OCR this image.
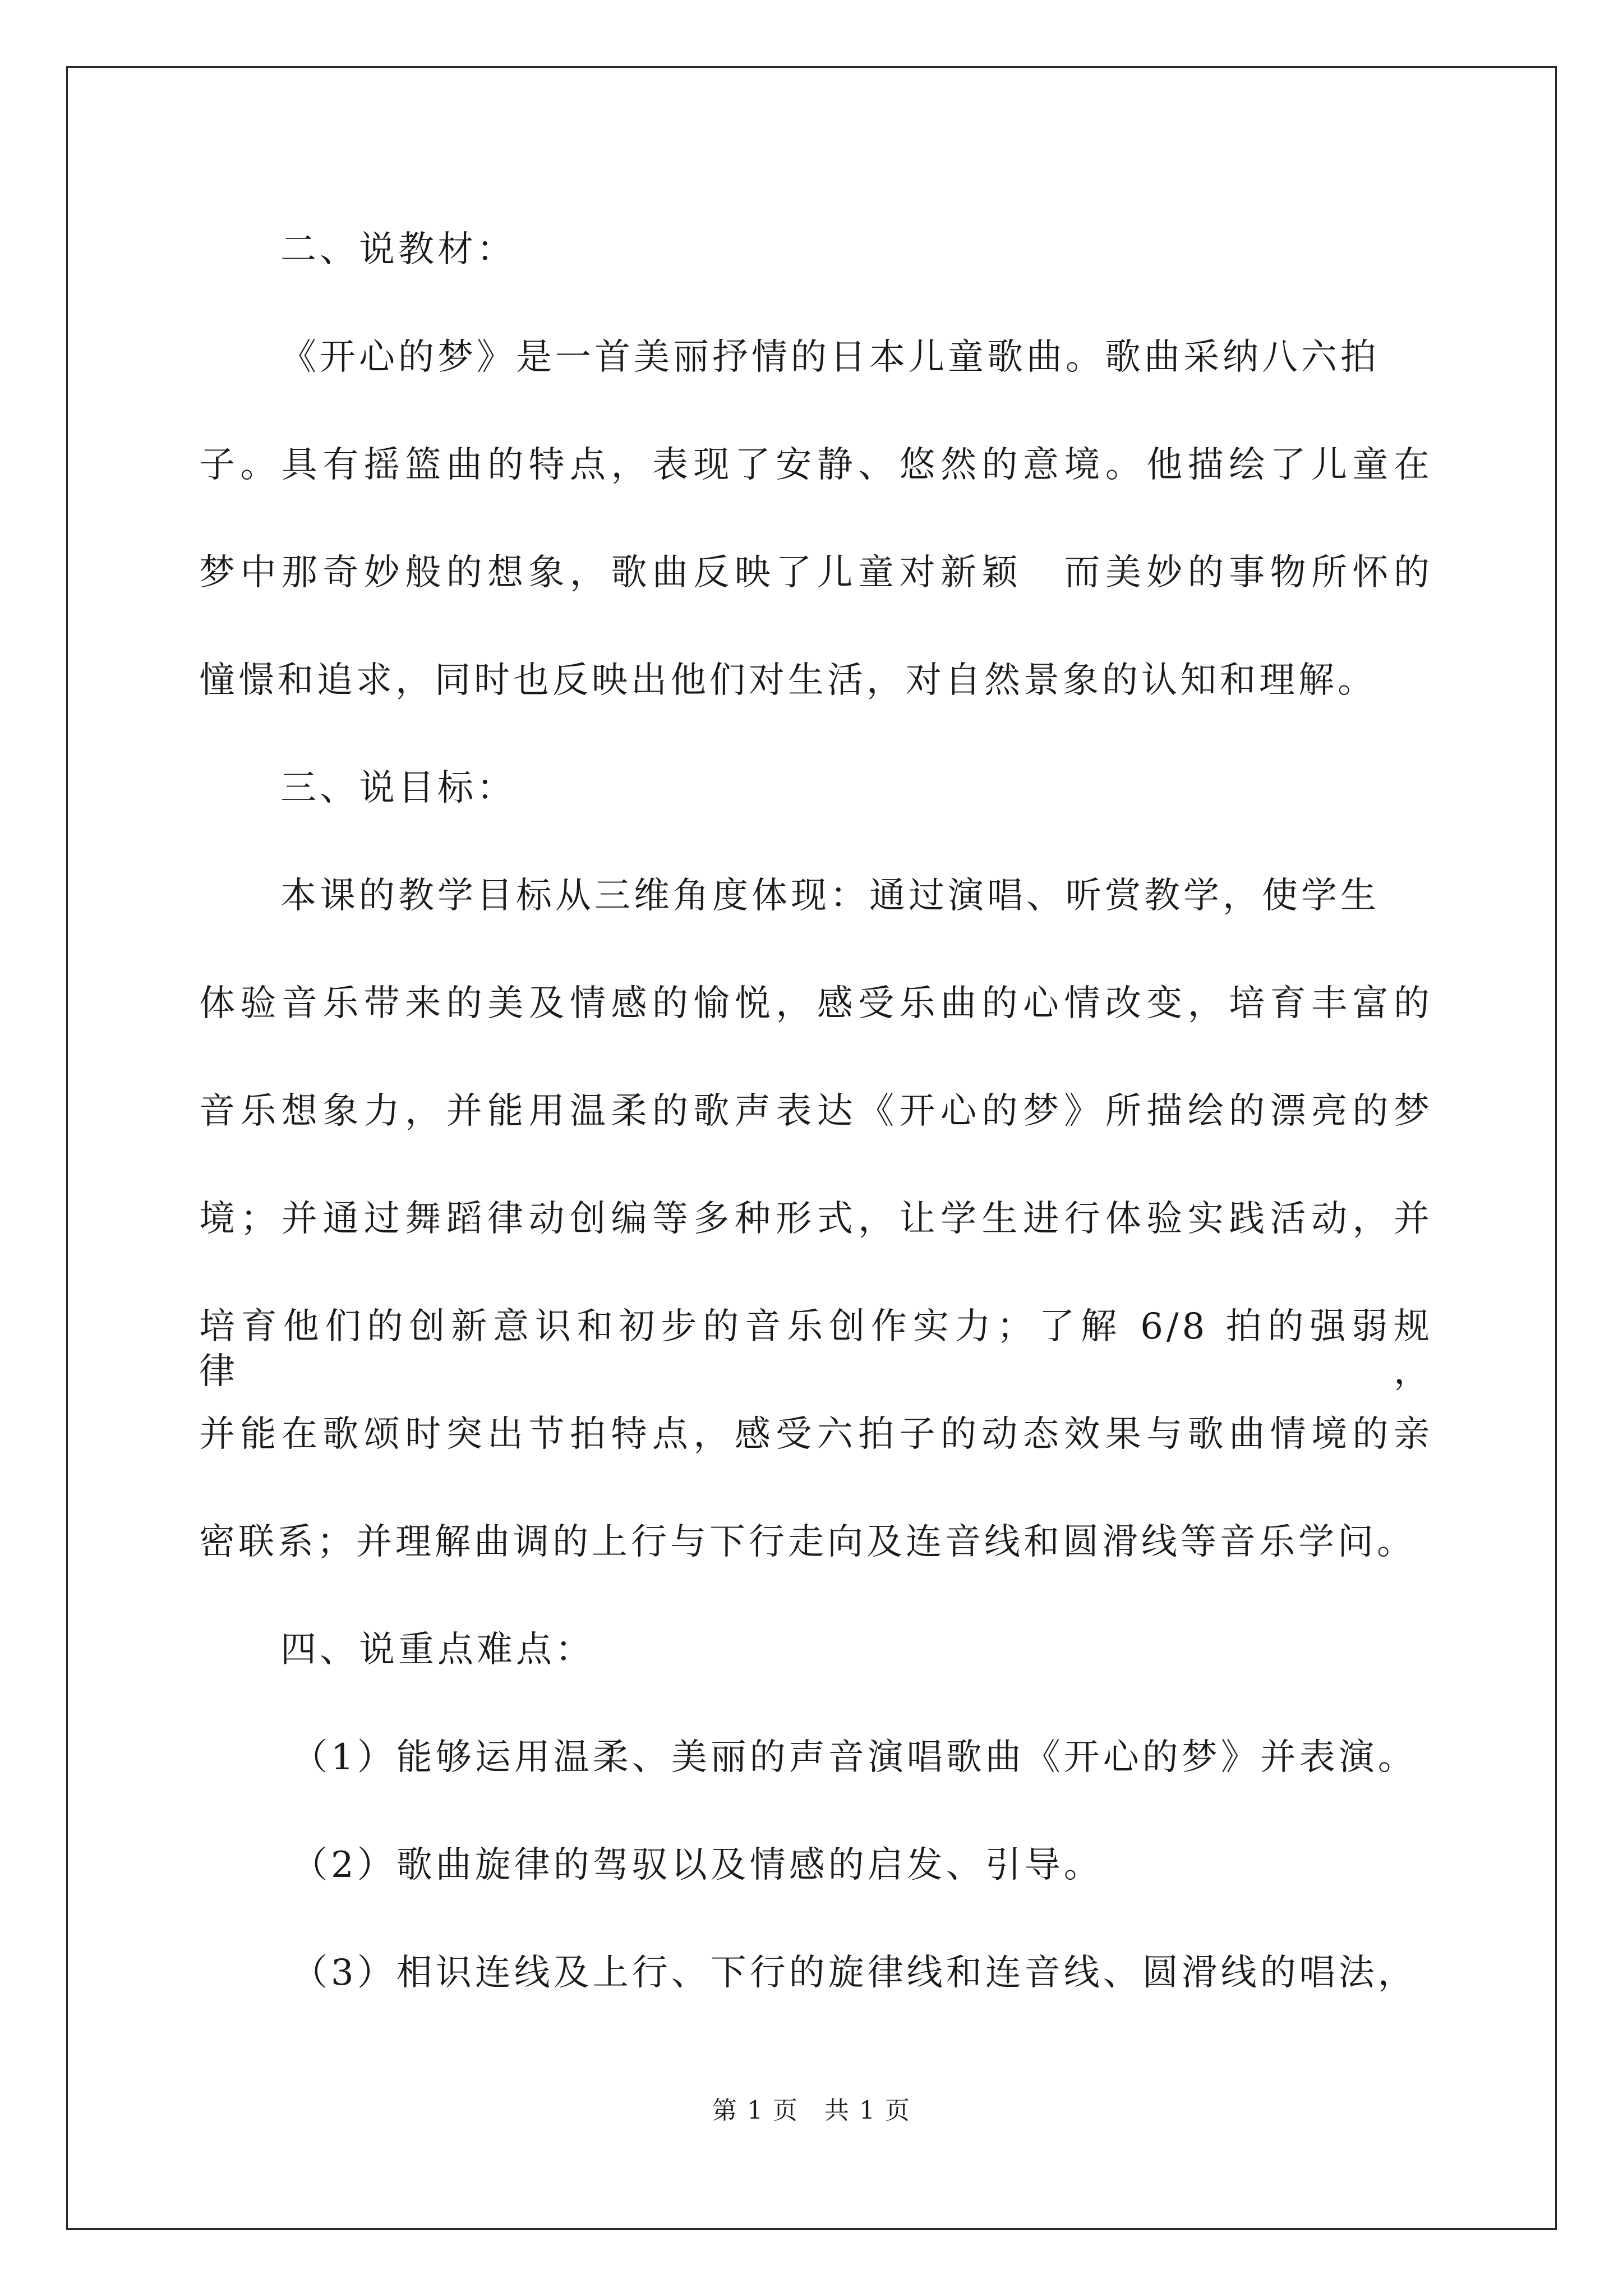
二、说教材：
《开心的梦》是一首美丽抒情的日本儿童歌曲。歌曲采纳八六拍
子。具有摇篮曲的特点，表现了安静、悠然的意境。他描绘了儿童在
梦中那奇妙般的想象，歌曲反映了儿童对新颖　而美妙的事物所怀的
憧憬和追求，同时也反映出他们对生活，对自然景象的认知和理解。
三、说目标：
本课的教学目标从三维角度体现：通过演唱、听赏教学，使学生
体验音乐带来的美及情感的愉悦，感受乐曲的心情改变，培育丰富的
音乐想象力，并能用温柔的歌声表达《开心的梦》所描绘的漂亮的梦
境；并通过舞蹈律动创编等多种形式，让学生进行体验实践活动，并
培育他们的创新意识和初步的音乐创作实力；了解 6/8 拍的强弱规律，
并能在歌颂时突出节拍特点，感受六拍子的动态效果与歌曲情境的亲
密联系；并理解曲调的上行与下行走向及连音线和圆滑线等音乐学问。
四、说重点难点：
（1）能够运用温柔、美丽的声音演唱歌曲《开心的梦》并表演。
（2）歌曲旋律的驾驭以及情感的启发、引导。
（3）相识连线及上行、下行的旋律线和连音线、圆滑线的唱法，
第 1 页　共 1 页
